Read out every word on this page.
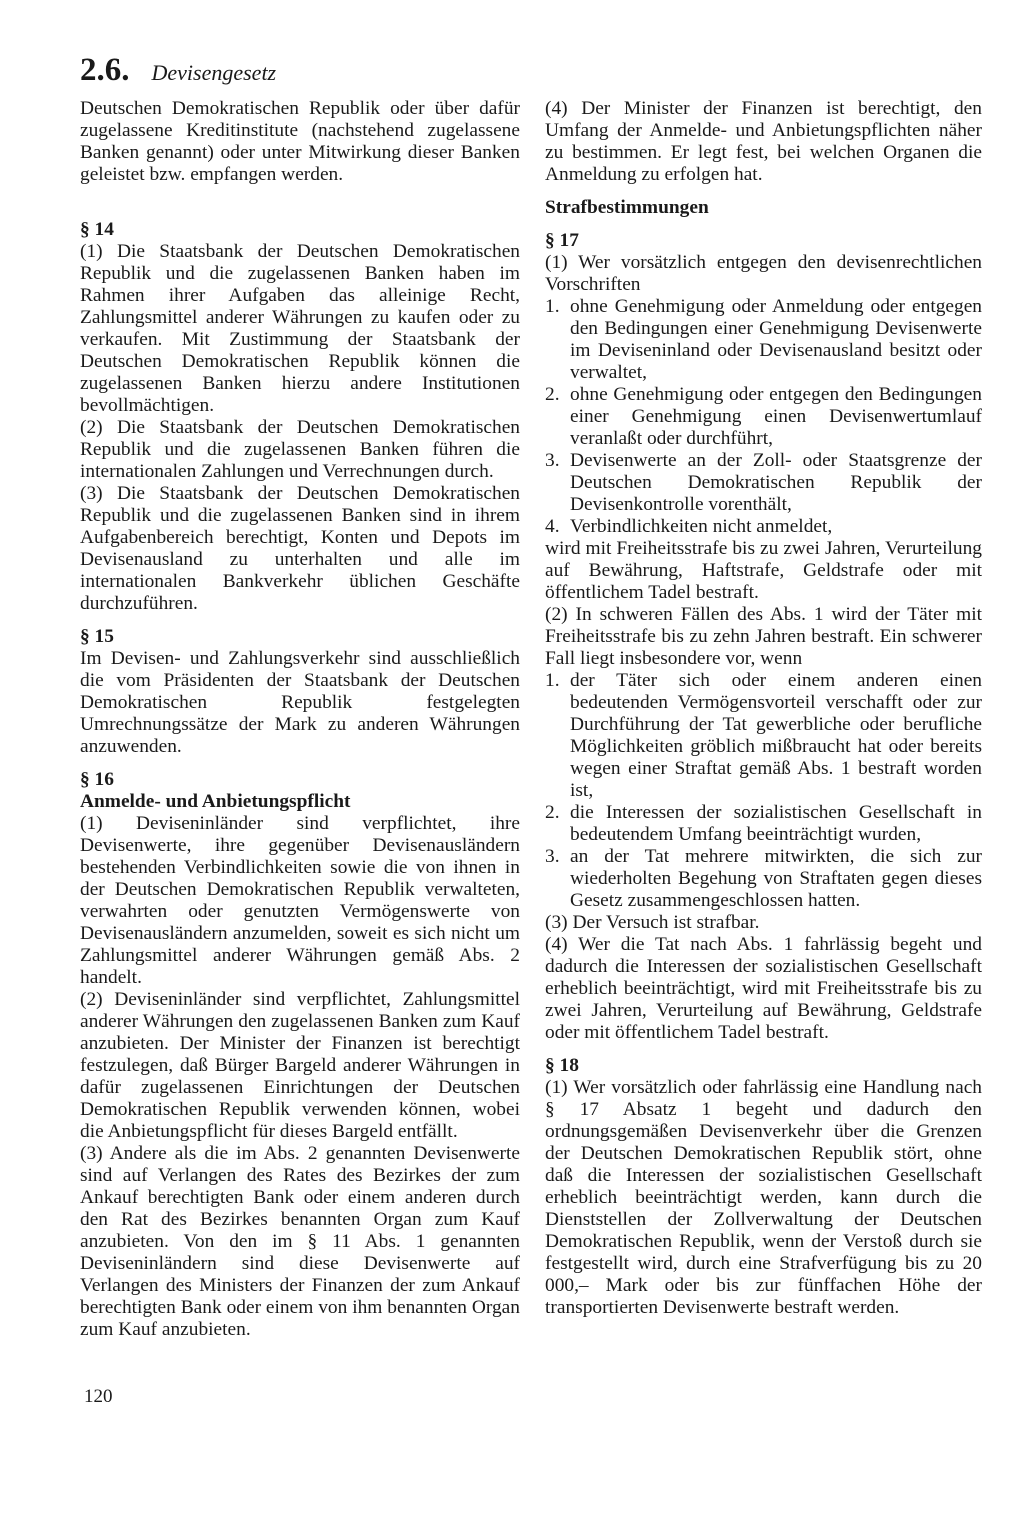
2.6. Devisengesetz

Deutschen Demokratischen Republik oder über dafür zugelassene Kreditinstitute (nachstehend zugelassene Banken genannt) oder unter Mitwirkung dieser Banken geleistet bzw. empfangen werden.

§ 14

(1) Die Staatsbank der Deutschen Demokratischen Republik und die zugelassenen Banken haben im Rahmen ihrer Aufgaben das alleinige Recht, Zahlungsmittel anderer Währungen zu kaufen oder zu verkaufen. Mit Zustimmung der Staatsbank der Deutschen Demokratischen Republik können die zugelassenen Banken hierzu andere Institutionen bevollmächtigen.

(2) Die Staatsbank der Deutschen Demokratischen Republik und die zugelassenen Banken führen die internationalen Zahlungen und Verrechnungen durch.

(3) Die Staatsbank der Deutschen Demokratischen Republik und die zugelassenen Banken sind in ihrem Aufgabenbereich berechtigt, Konten und Depots im Devisenausland zu unterhalten und alle im internationalen Bankverkehr üblichen Geschäfte durchzuführen.

§ 15

Im Devisen- und Zahlungsverkehr sind ausschließlich die vom Präsidenten der Staatsbank der Deutschen Demokratischen Republik festgelegten Umrechnungssätze der Mark zu anderen Währungen anzuwenden.

§ 16

Anmelde- und Anbietungspflicht

(1) Deviseninländer sind verpflichtet, ihre Devisenwerte, ihre gegenüber Devisenausländern bestehenden Verbindlichkeiten sowie die von ihnen in der Deutschen Demokratischen Republik verwalteten, verwahrten oder genutzten Vermögenswerte von Devisenausländern anzumelden, soweit es sich nicht um Zahlungsmittel anderer Währungen gemäß Abs. 2 handelt.

(2) Deviseninländer sind verpflichtet, Zahlungsmittel anderer Währungen den zugelassenen Banken zum Kauf anzubieten. Der Minister der Finanzen ist berechtigt festzulegen, daß Bürger Bargeld anderer Währungen in dafür zugelassenen Einrichtungen der Deutschen Demokratischen Republik verwenden können, wobei die Anbietungspflicht für dieses Bargeld entfällt.

(3) Andere als die im Abs. 2 genannten Devisenwerte sind auf Verlangen des Rates des Bezirkes der zum Ankauf berechtigten Bank oder einem anderen durch den Rat des Bezirkes benannten Organ zum Kauf anzubieten. Von den im § 11 Abs. 1 genannten Deviseninländern sind diese Devisenwerte auf Verlangen des Ministers der Finanzen der zum Ankauf berechtigten Bank oder einem von ihm benannten Organ zum Kauf anzubieten.

(4) Der Minister der Finanzen ist berechtigt, den Umfang der Anmelde- und Anbietungspflichten näher zu bestimmen. Er legt fest, bei welchen Organen die Anmeldung zu erfolgen hat.

Strafbestimmungen

§ 17

(1) Wer vorsätzlich entgegen den devisenrechtlichen Vorschriften

1. ohne Genehmigung oder Anmeldung oder entgegen den Bedingungen einer Genehmigung Devisenwerte im Deviseninland oder Devisenausland besitzt oder verwaltet,
2. ohne Genehmigung oder entgegen den Bedingungen einer Genehmigung einen Devisenwertumlauf veranlaßt oder durchführt,
3. Devisenwerte an der Zoll- oder Staatsgrenze der Deutschen Demokratischen Republik der Devisenkontrolle vorenthält,
4. Verbindlichkeiten nicht anmeldet,

wird mit Freiheitsstrafe bis zu zwei Jahren, Verurteilung auf Bewährung, Haftstrafe, Geldstrafe oder mit öffentlichem Tadel bestraft.

(2) In schweren Fällen des Abs. 1 wird der Täter mit Freiheitsstrafe bis zu zehn Jahren bestraft. Ein schwerer Fall liegt insbesondere vor, wenn

1. der Täter sich oder einem anderen einen bedeutenden Vermögensvorteil verschafft oder zur Durchführung der Tat gewerbliche oder berufliche Möglichkeiten gröblich mißbraucht hat oder bereits wegen einer Straftat gemäß Abs. 1 bestraft worden ist,
2. die Interessen der sozialistischen Gesellschaft in bedeutendem Umfang beeinträchtigt wurden,
3. an der Tat mehrere mitwirkten, die sich zur wiederholten Begehung von Straftaten gegen dieses Gesetz zusammengeschlossen hatten.

(3) Der Versuch ist strafbar.

(4) Wer die Tat nach Abs. 1 fahrlässig begeht und dadurch die Interessen der sozialistischen Gesellschaft erheblich beeinträchtigt, wird mit Freiheitsstrafe bis zu zwei Jahren, Verurteilung auf Bewährung, Geldstrafe oder mit öffentlichem Tadel bestraft.

§ 18

(1) Wer vorsätzlich oder fahrlässig eine Handlung nach § 17 Absatz 1 begeht und dadurch den ordnungsgemäßen Devisenverkehr über die Grenzen der Deutschen Demokratischen Republik stört, ohne daß die Interessen der sozialistischen Gesellschaft erheblich beeinträchtigt werden, kann durch die Dienststellen der Zollverwaltung der Deutschen Demokratischen Republik, wenn der Verstoß durch sie festgestellt wird, durch eine Strafverfügung bis zu 20 000,– Mark oder bis zur fünffachen Höhe der transportierten Devisenwerte bestraft werden.

120
